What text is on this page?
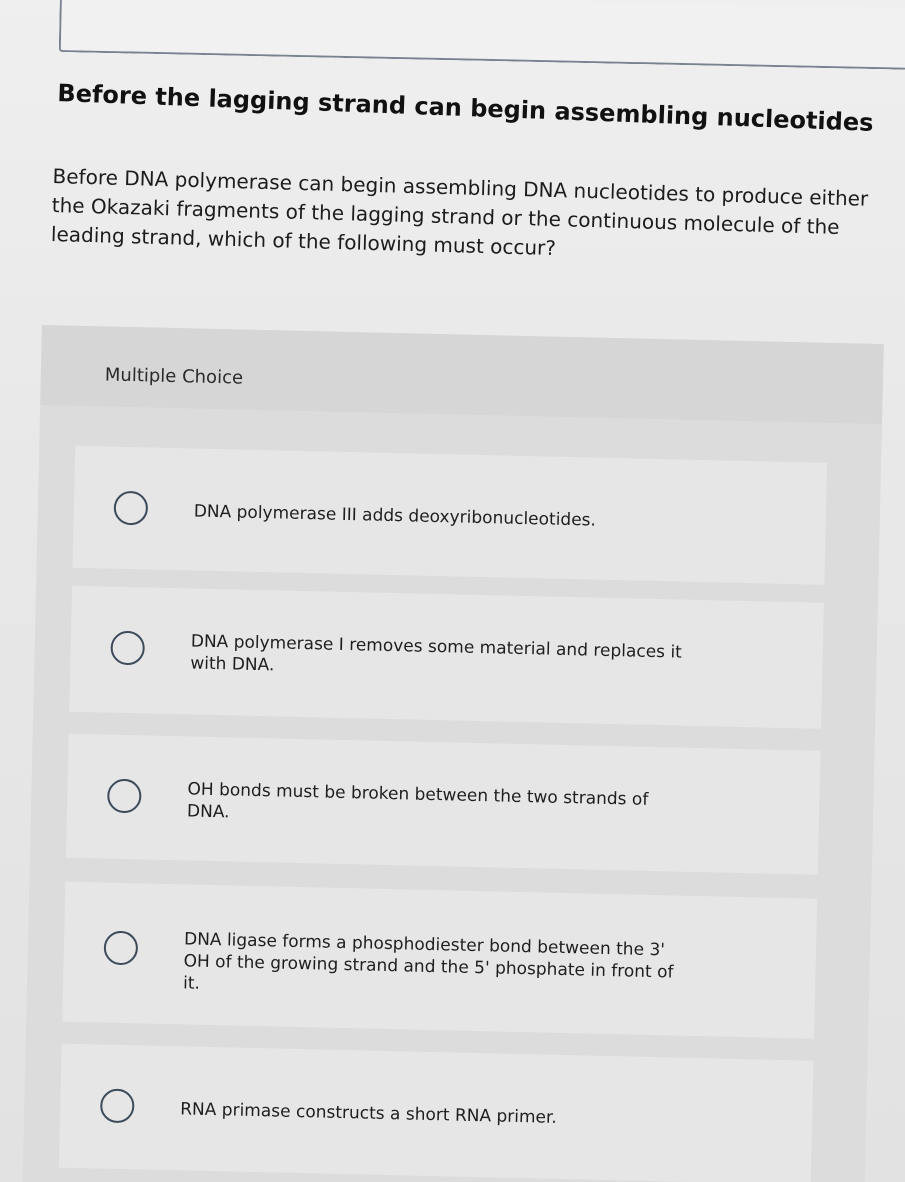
Before the lagging strand can begin assembling nucleotides
Before DNA polymerase can begin assembling DNA nucleotides to produce either the Okazaki fragments of the lagging strand or the continuous molecule of the leading strand, which of the following must occur?
Multiple Choice
DNA polymerase III adds deoxyribonucleotides.
DNA polymerase I removes some material and replaces it with DNA.
OH bonds must be broken between the two strands of DNA.
DNA ligase forms a phosphodiester bond between the 3' OH of the growing strand and the 5' phosphate in front of it.
RNA primase constructs a short RNA primer.
